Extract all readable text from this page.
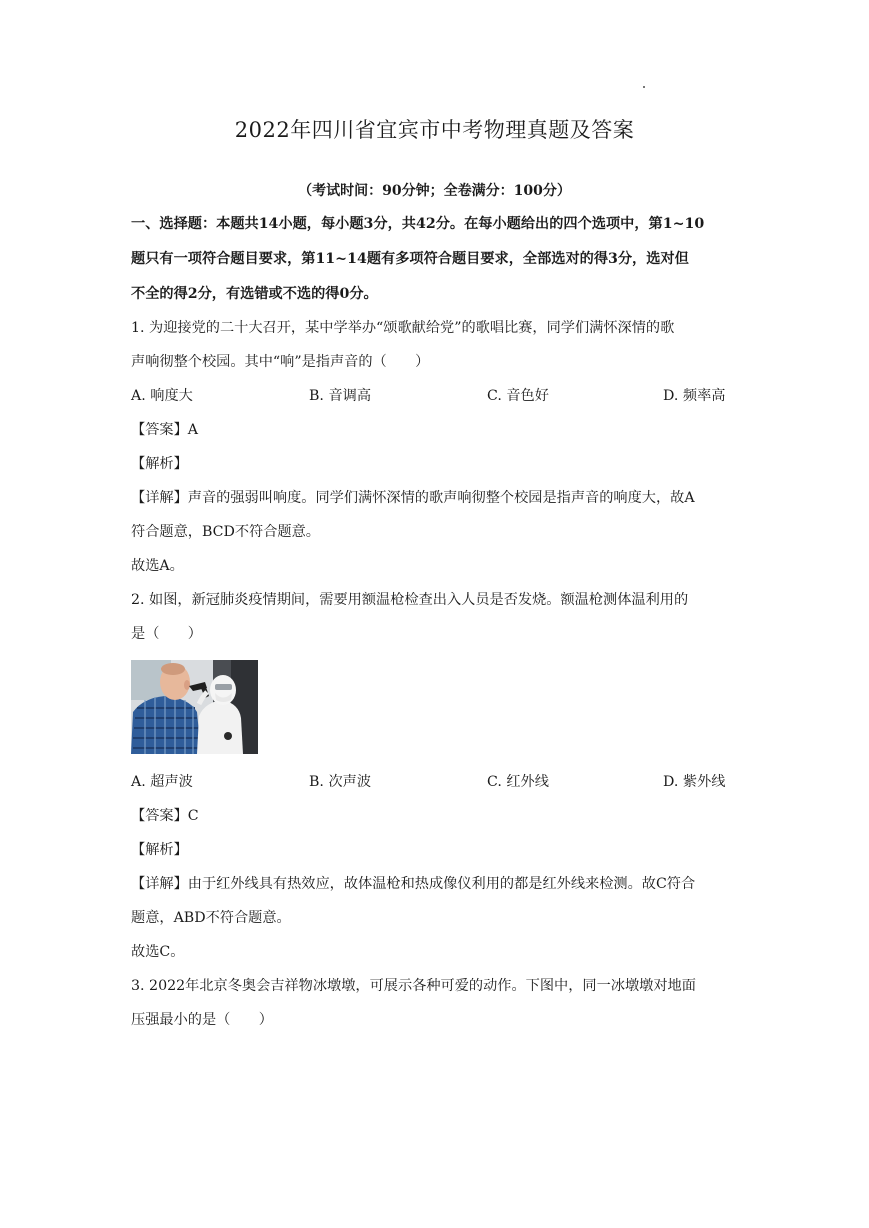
2022年四川省宜宾市中考物理真题及答案
（考试时间：90分钟；全卷满分：100分）
一、选择题：本题共14小题，每小题3分，共42分。在每小题给出的四个选项中，第1~10
题只有一项符合题目要求，第11~14题有多项符合题目要求，全部选对的得3分，选对但
不全的得2分，有选错或不选的得0分。
1. 为迎接党的二十大召开，某中学举办“颂歌献给党”的歌唱比赛，同学们满怀深情的歌
声响彻整个校园。其中“响”是指声音的（　　）
A. 响度大	B. 音调高	C. 音色好	D. 频率高
【答案】A
【解析】
【详解】声音的强弱叫响度。同学们满怀深情的歌声响彻整个校园是指声音的响度大，故A
符合题意，BCD不符合题意。
故选A。
2. 如图，新冠肺炎疫情期间，需要用额温枪检查出入人员是否发烧。额温枪测体温利用的
是（　　）
A. 超声波	B. 次声波	C. 红外线	D. 紫外线
【答案】C
【解析】
【详解】由于红外线具有热效应，故体温枪和热成像仪利用的都是红外线来检测。故C符合
题意，ABD不符合题意。
故选C。
3. 2022年北京冬奥会吉祥物冰墩墩，可展示各种可爱的动作。下图中，同一冰墩墩对地面
压强最小的是（　　）
